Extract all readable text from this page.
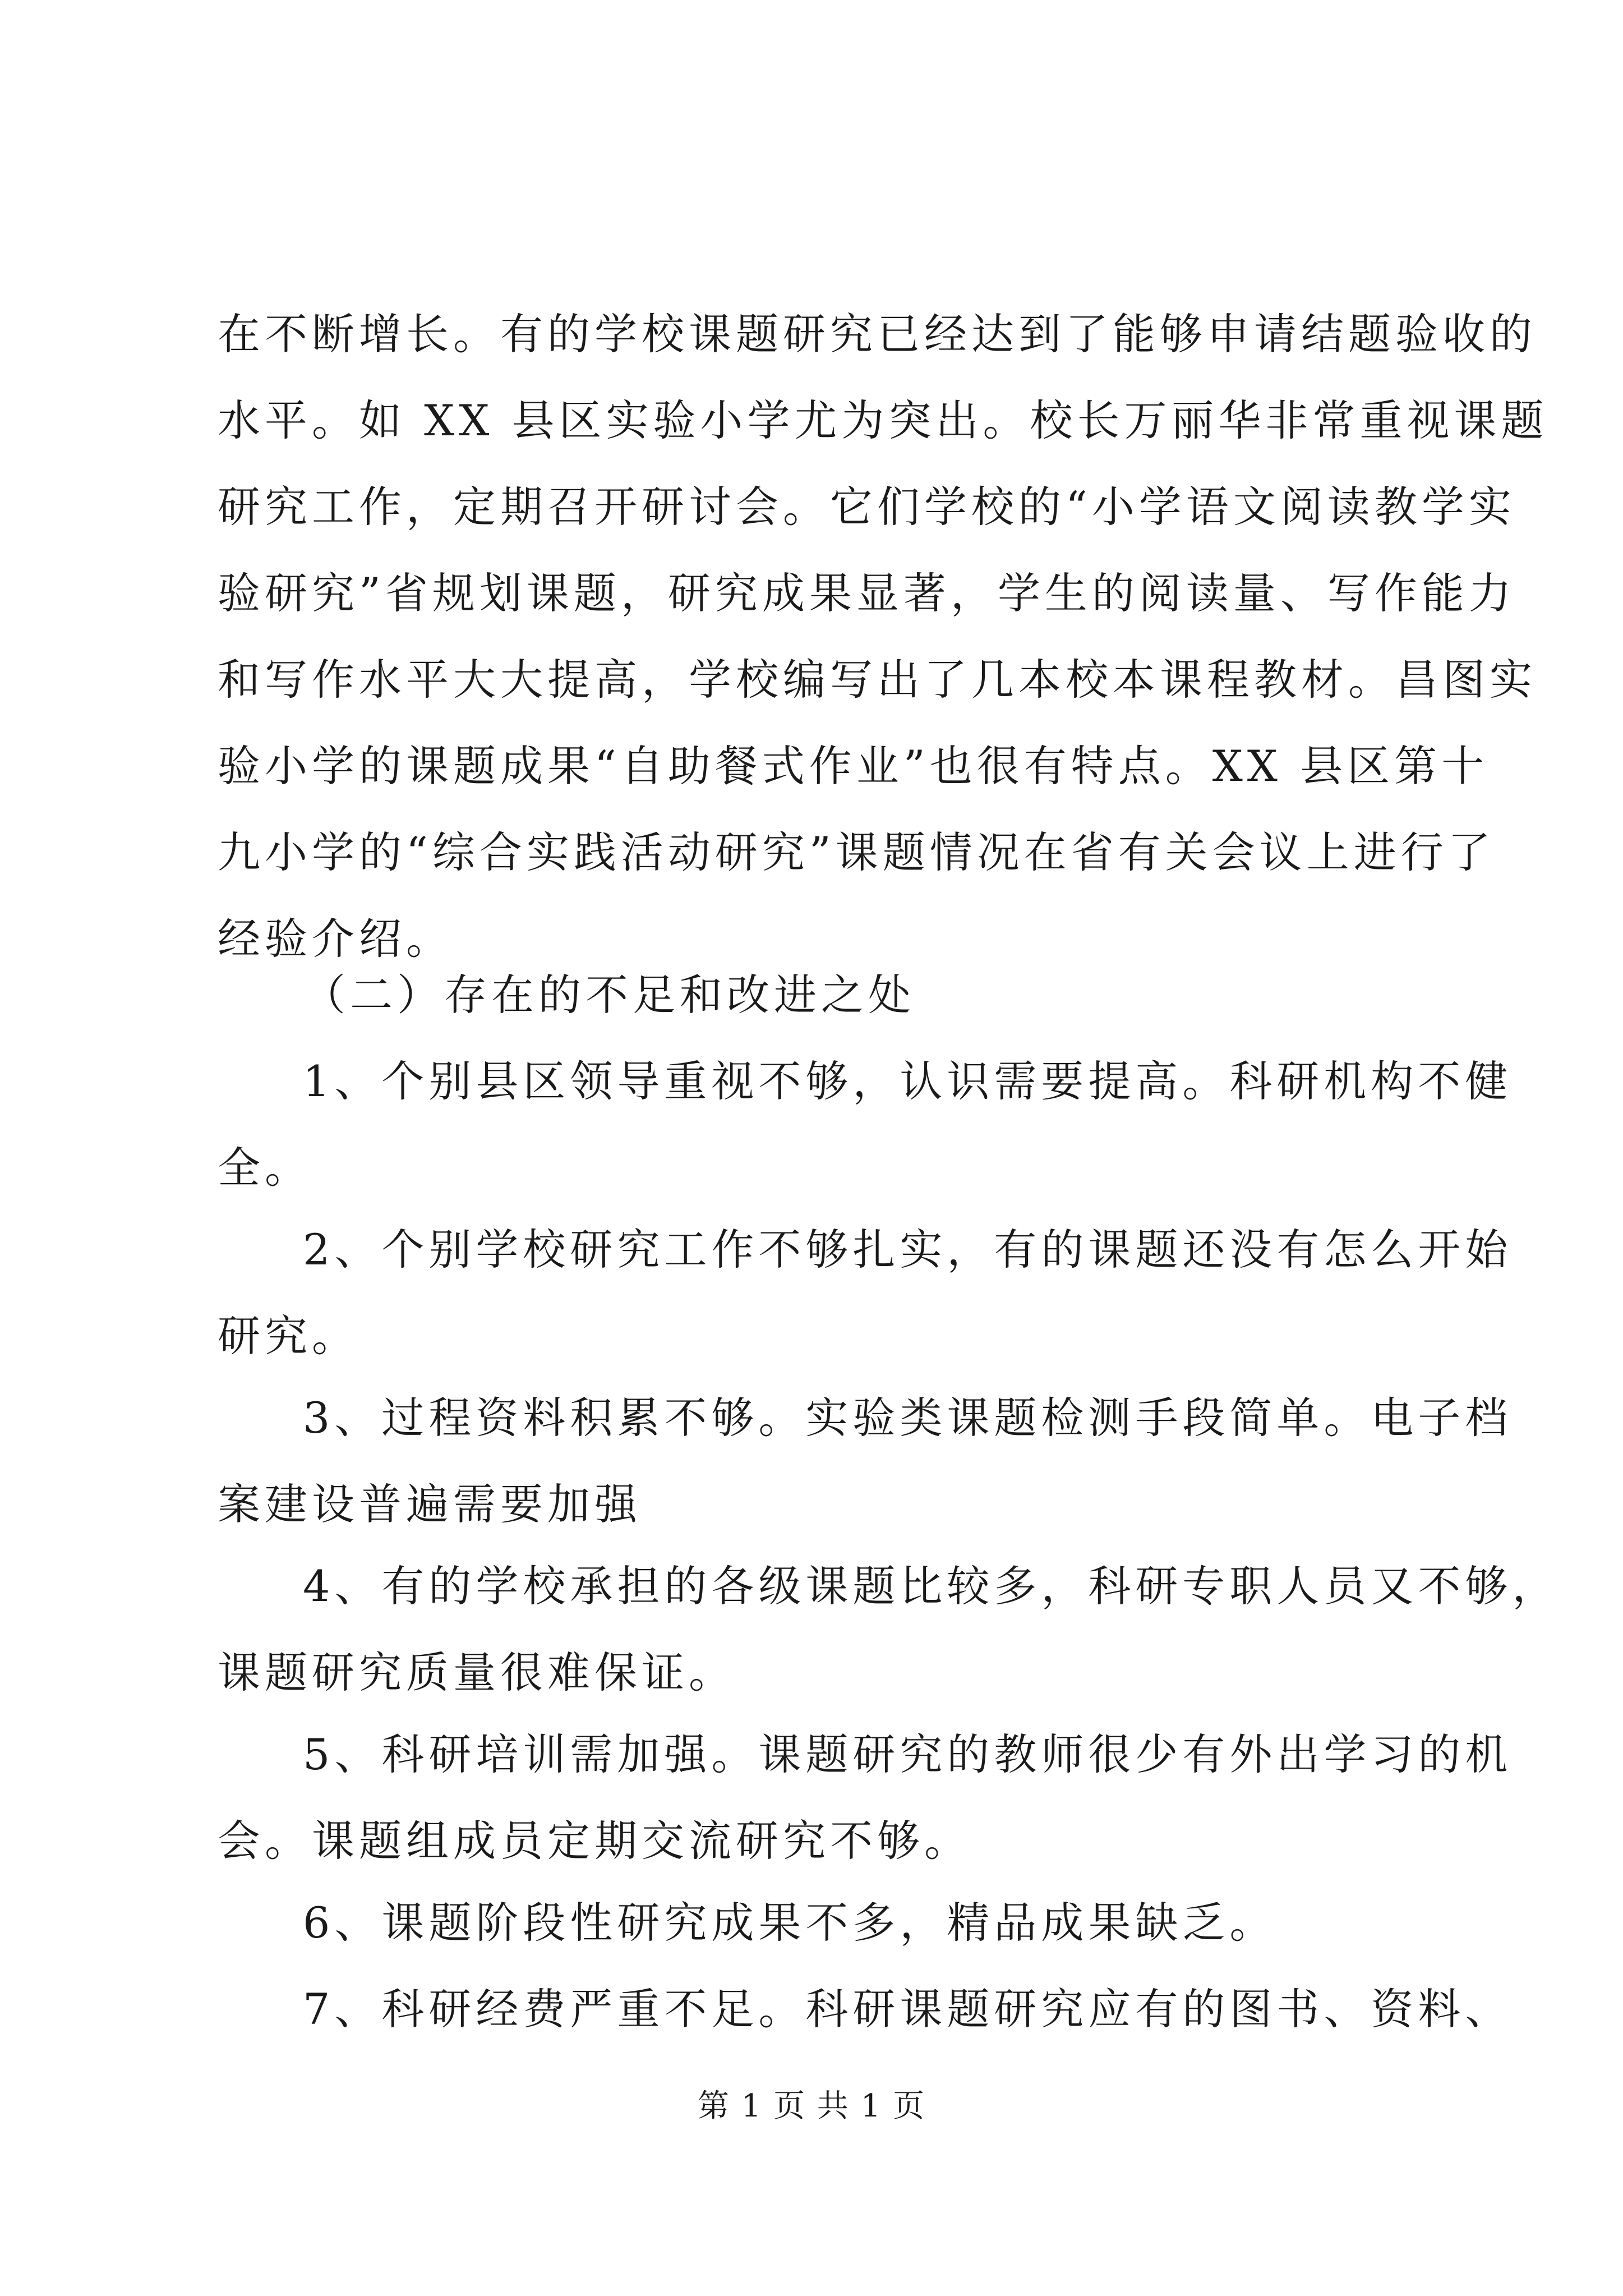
在不断增长。有的学校课题研究已经达到了能够申请结题验收的
水平。如 XX 县区实验小学尤为突出。校长万丽华非常重视课题
研究工作，定期召开研讨会。它们学校的“小学语文阅读教学实
验研究”省规划课题，研究成果显著，学生的阅读量、写作能力
和写作水平大大提高，学校编写出了几本校本课程教材。昌图实
验小学的课题成果“自助餐式作业”也很有特点。XX 县区第十
九小学的“综合实践活动研究”课题情况在省有关会议上进行了
经验介绍。
（二）存在的不足和改进之处
1、个别县区领导重视不够，认识需要提高。科研机构不健
全。
2、个别学校研究工作不够扎实，有的课题还没有怎么开始
研究。
3、过程资料积累不够。实验类课题检测手段简单。电子档
案建设普遍需要加强
4、有的学校承担的各级课题比较多，科研专职人员又不够，
课题研究质量很难保证。
5、科研培训需加强。课题研究的教师很少有外出学习的机
会。课题组成员定期交流研究不够。
6、课题阶段性研究成果不多，精品成果缺乏。
7、科研经费严重不足。科研课题研究应有的图书、资料、
第 1 页 共 1 页
